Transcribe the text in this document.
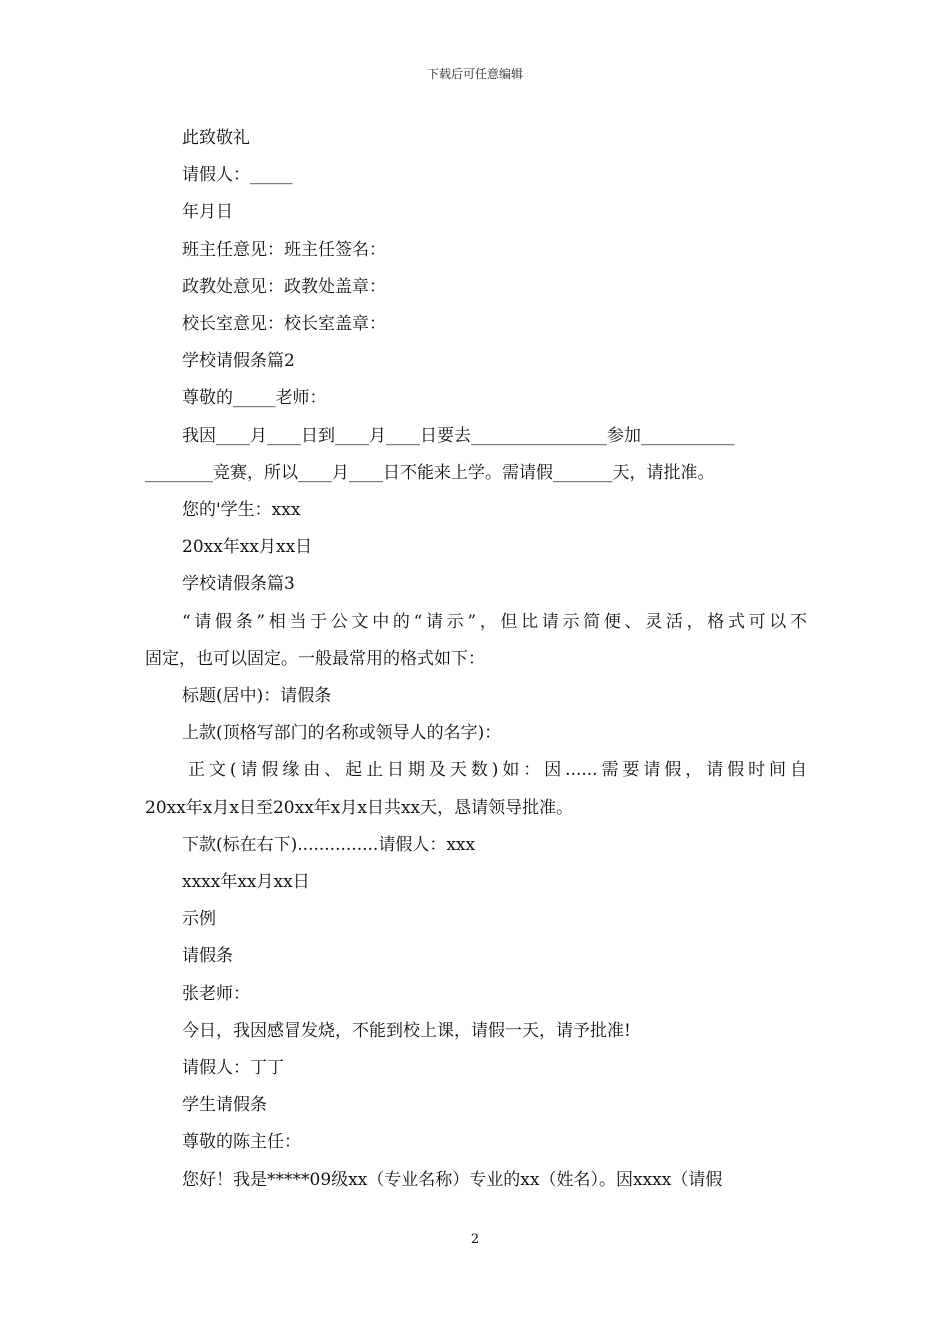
下载后可任意编辑

此致敬礼

请假人：_____

年月日

班主任意见：班主任签名：

政教处意见：政教处盖章：

校长室意见：校长室盖章：

学校请假条篇2

尊敬的_____老师：

我因____月____日到____月____日要去________________参加___________

________竞赛，所以____月____日不能来上学。需请假_______天，请批准。

您的'学生：xxx

20xx年xx月xx日

学校请假条篇3

“请假条”相当于公文中的“请示”，但比请示简便、灵活，格式可以不

固定，也可以固定。一般最常用的格式如下：

标题(居中)：请假条

上款(顶格写部门的名称或领导人的名字)：

正文(请假缘由、起止日期及天数)如：因......需要请假，请假时间自

20xx年x月x日至20xx年x月x日共xx天，恳请领导批准。

下款(标在右下)...............请假人：xxx

xxxx年xx月xx日

示例

请假条

张老师：

今日，我因感冒发烧，不能到校上课，请假一天，请予批准!

请假人：丁丁

学生请假条

尊敬的陈主任：

您好！我是*****09级xx（专业名称）专业的xx（姓名）。因xxxx（请假

2
